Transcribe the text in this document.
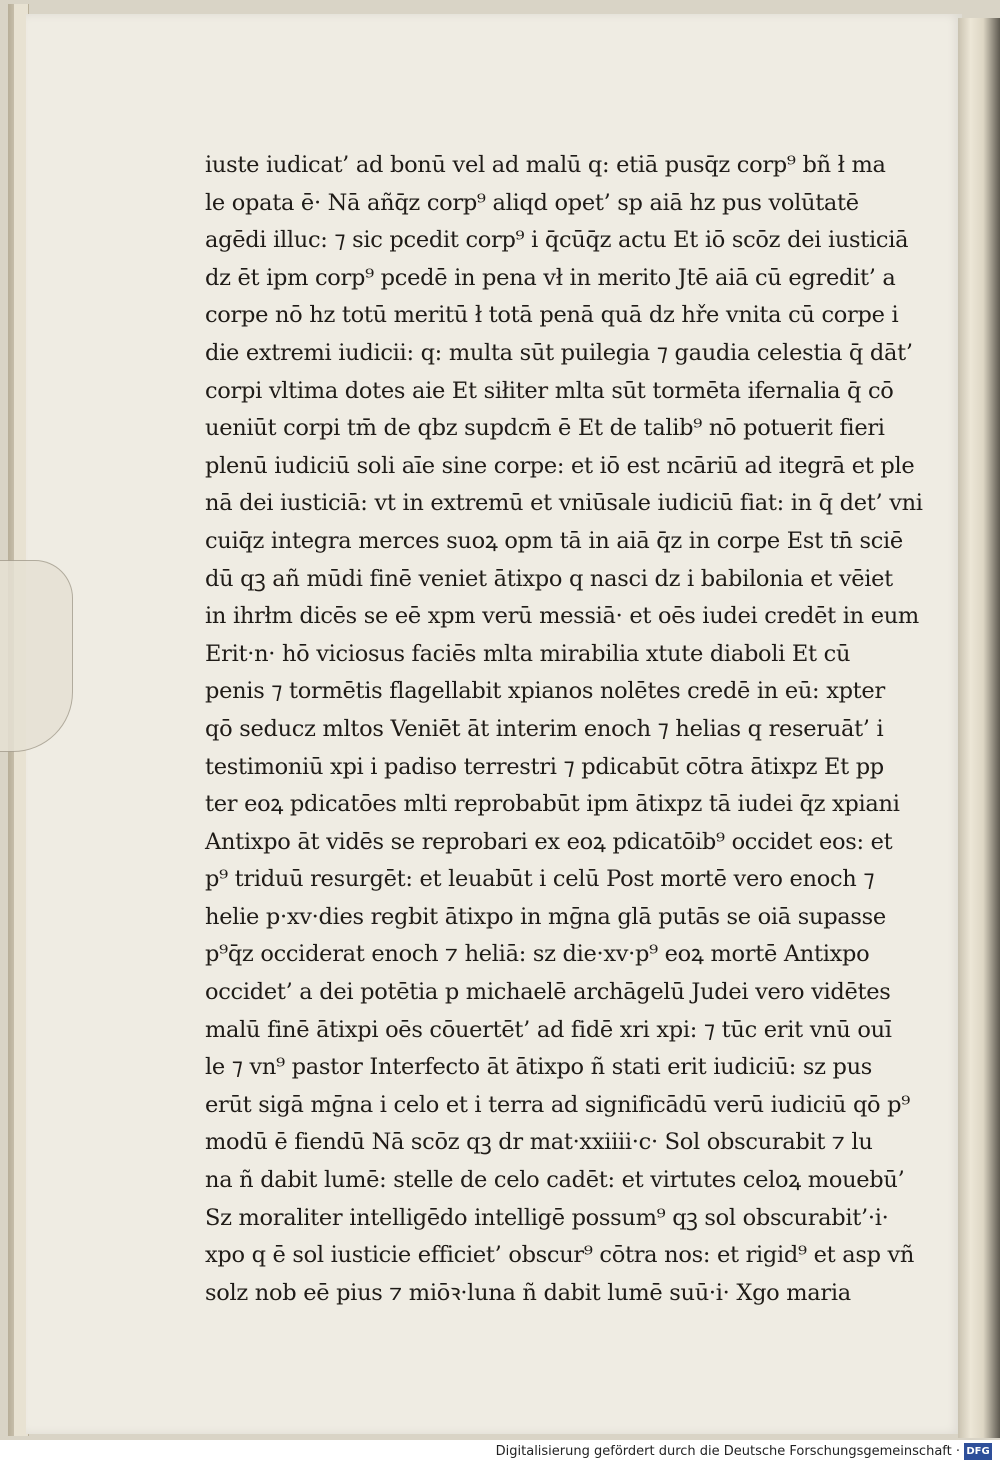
iuste iudicat’ ad bonū vel ad malū q: etiā pusq̄z corp⁹ bñ ł ma
le opata ē· Nā añq̄z corp⁹ aliqd opet’ sp aiā hz pus volūtatē
agēdi illuc: ⁊ sic pcedit corp⁹ i q̄cūq̄z actu Et iō scōz dei iusticiā
dz ēt ipm corp⁹ pcedē in pena vł in merito Jtē aiā cū egredit’ a
corpe nō hz totū meritū ł totā penā quā dz hře vnita cū corpe i
die extremi iudicii: q: multa sūt puilegia ⁊ gaudia celestia q̄ dāt’
corpi vltima dotes aie Et siłiter mlta sūt tormēta ifernalia q̄ cō
ueniūt corpi tm̄ de qbz supdcm̄ ē Et de talib⁹ nō potuerit fieri
plenū iudiciū soli aīe sine corpe: et iō est ncāriū ad itegrā et ple
nā dei iusticiā: vt in extremū et vniūsale iudiciū fiat: in q̄ det’ vni
cuiq̄z integra merces suoꝝ opm tā in aiā q̄z in corpe Est tn̄ sciē
dū qꝫ añ mūdi finē veniet ātixpo q nasci dz i babilonia et vēiet
in ihrłm dicēs se eē xpm verū messiā· et oēs iudei credēt in eum
Erit·n· hō viciosus faciēs mlta mirabilia xtute diaboli Et cū
penis ⁊ tormētis flagellabit xpianos nolētes credē in eū: xpter
qō seducz mltos Veniēt āt interim enoch ⁊ helias q reseruāt’ i
testimoniū xpi i padiso terrestri ⁊ pdicabūt cōtra ātixpz Et pp
ter eoꝝ pdicatōes mlti reprobabūt ipm ātixpz tā iudei q̄z xpiani
Antixpo āt vidēs se reprobari ex eoꝝ pdicatōib⁹ occidet eos: et
p⁹ triduū resurgēt: et leuabūt i celū Post mortē vero enoch ⁊
helie p·xv·dies regbit ātixpo in mḡna glā putās se oiā supasse
p⁹q̄z occiderat enoch ⁊ heliā: sz die·xv·p⁹ eoꝝ mortē Antixpo
occidet’ a dei potētia p michaelē archāgelū Judei vero vidētes
malū finē ātixpi oēs cōuertēt’ ad fidē xri xpi: ⁊ tūc erit vnū ouī
le ⁊ vn⁹ pastor Interfecto āt ātixpo ñ stati erit iudiciū: sz pus
erūt sigā mḡna i celo et i terra ad significādū verū iudiciū qō p⁹
modū ē fiendū Nā scōz qꝫ dr mat·xxiiii·c· Sol obscurabit ⁊ lu
na ñ dabit lumē: stelle de celo cadēt: et virtutes celoꝝ mouebū’
Sz moraliter intelligēdo intelligē possum⁹ qꝫ sol obscurabit’·i·
xpo q ē sol iusticie efficiet’ obscur⁹ cōtra nos: et rigid⁹ et asp vñ
solz nob eē pius ⁊ miōꝛ·luna ñ dabit lumē suū·i· Xgo maria
Digitalisierung gefördert durch die Deutsche Forschungsgemeinschaft · DFG
